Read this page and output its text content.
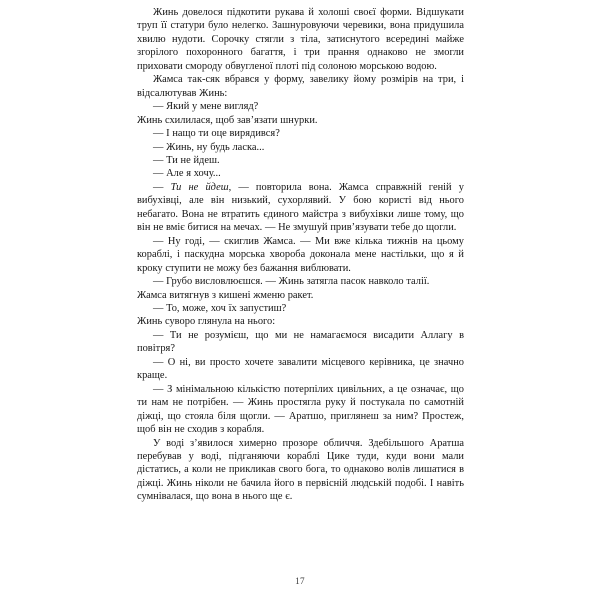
Жинь довелося підкотити рукава й холоші своєї форми. Відшукати труп її статури було нелегко. Зашнуровуючи черевики, вона придушила хвилю нудоти. Сорочку стягли з тіла, затиснутого всередині майже згорілого похоронного багаття, і три прання однаково не змогли приховати смороду обвугленої плоті під солоною морською водою.

Жамса так-сяк вбрався у форму, завелику йому розмірів на три, і відсалютував Жинь:

— Який у мене вигляд?

Жинь схилилася, щоб зав’язати шнурки.

— І нащо ти оце вирядився?

— Жинь, ну будь ласка...

— Ти не йдеш.

— Але я хочу...

— Ти не йдеш, — повторила вона. Жамса справжній геній у вибухівці, але він низький, сухорлявий. У бою користі від нього небагато. Вона не втратить єдиного майстра з вибухівки лише тому, що він не вміє битися на мечах. — Не змушуй прив’язувати тебе до щогли.

— Ну годі, — скиглив Жамса. — Ми вже кілька тижнів на цьому кораблі, і паскудна морська хвороба доконала мене настільки, що я й кроку ступити не можу без бажання виблювати.

— Грубо висловлюєшся. — Жинь затягла пасок навколо талії.

Жамса витягнув з кишені жменю ракет.

— То, може, хоч їх запустиш?

Жинь суворо глянула на нього:

— Ти не розумієш, що ми не намагаємося висадити Аллагу в повітря?

— О ні, ви просто хочете завалити місцевого керівника, це значно краще.

— З мінімальною кількістю потерпілих цивільних, а це означає, що ти нам не потрібен. — Жинь простягла руку й постукала по самотній діжці, що стояла біля щогли. — Аратшо, приглянеш за ним? Простеж, щоб він не сходив з корабля.

У воді з’явилося химерно прозоре обличчя. Здебільшого Аратша перебував у воді, підганяючи кораблі Цике туди, куди вони мали дістатись, а коли не прикликав свого бога, то однаково волів лишатися в діжці. Жинь ніколи не бачила його в первісній людській подобі. І навіть сумнівалася, що вона в нього ще є.

17
